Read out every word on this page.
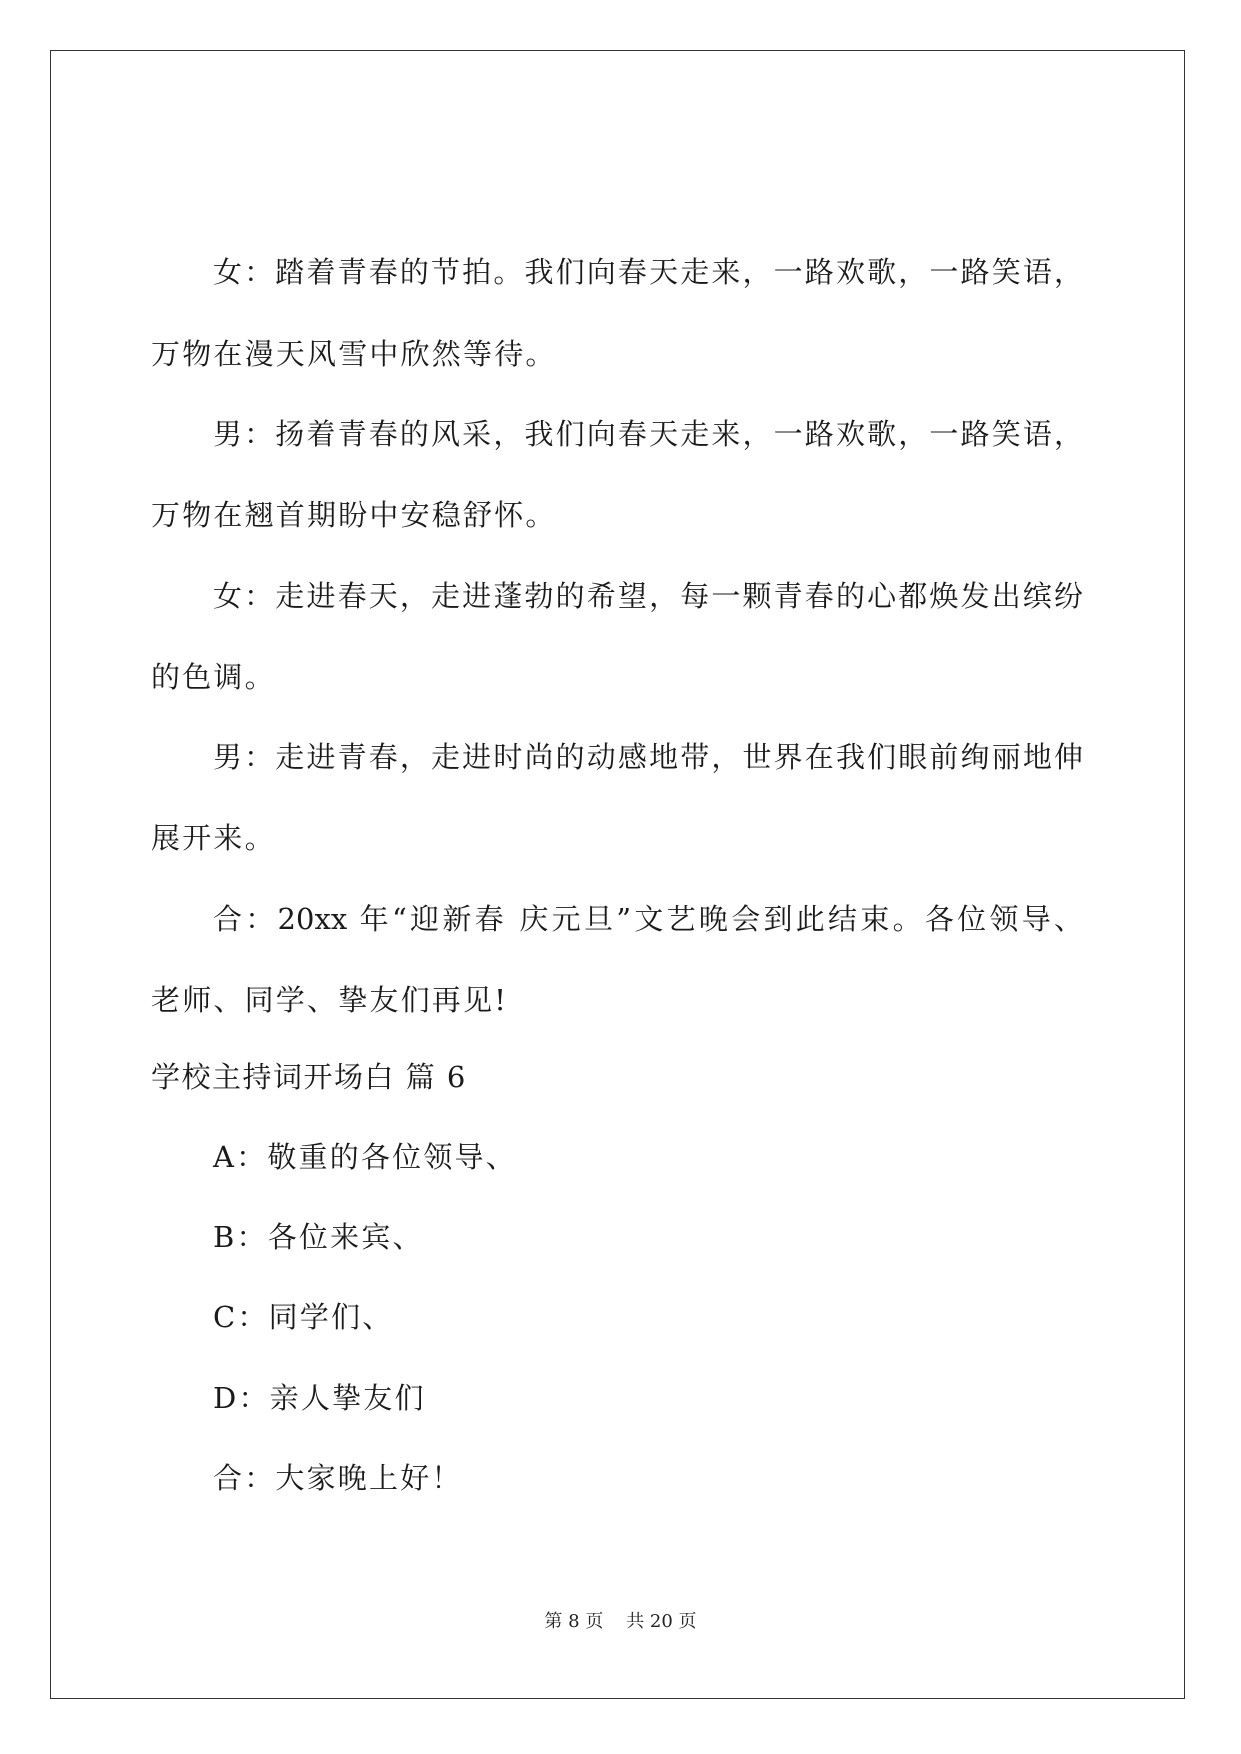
女：踏着青春的节拍。我们向春天走来，一路欢歌，一路笑语，
万物在漫天风雪中欣然等待。
男：扬着青春的风采，我们向春天走来，一路欢歌，一路笑语，
万物在翘首期盼中安稳舒怀。
女：走进春天，走进蓬勃的希望，每一颗青春的心都焕发出缤纷
的色调。
男：走进青春，走进时尚的动感地带，世界在我们眼前绚丽地伸
展开来。
合：20xx 年“迎新春 庆元旦”文艺晚会到此结束。各位领导、
老师、同学、挚友们再见!
学校主持词开场白 篇 6
A：敬重的各位领导、
B：各位来宾、
C：同学们、
D：亲人挚友们
合：大家晚上好！
第 8 页    共 20 页
